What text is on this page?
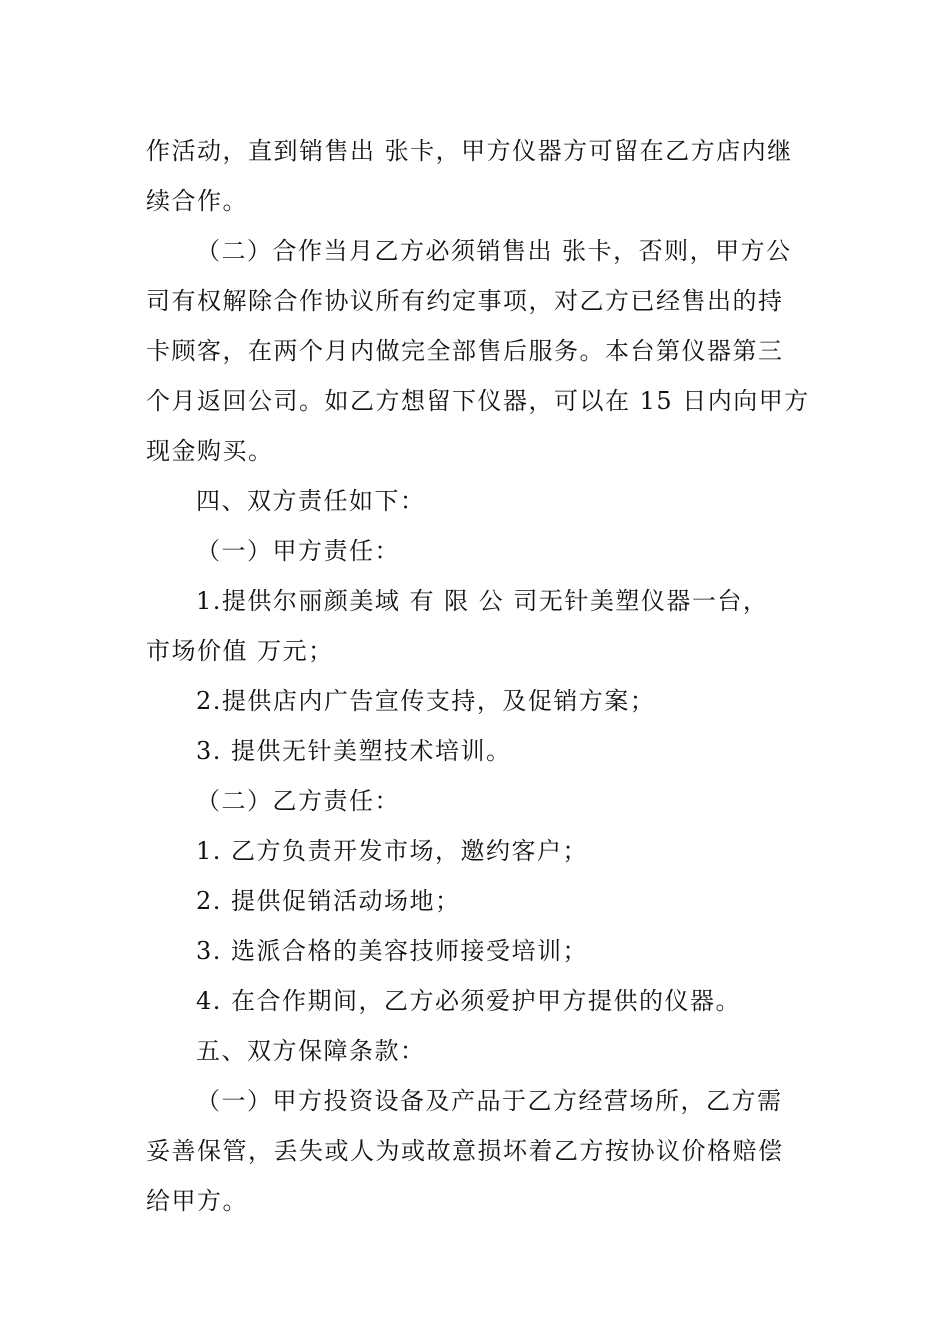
作活动，直到销售出 张卡，甲方仪器方可留在乙方店内继
续合作。
（二）合作当月乙方必须销售出 张卡，否则，甲方公
司有权解除合作协议所有约定事项，对乙方已经售出的持
卡顾客，在两个月内做完全部售后服务。本台第仪器第三
个月返回公司。如乙方想留下仪器，可以在 15 日内向甲方
现金购买。
四、双方责任如下：
（一）甲方责任：
1.提供尔丽颜美域 有 限 公 司无针美塑仪器一台，
市场价值 万元；
2.提供店内广告宣传支持，及促销方案；
3. 提供无针美塑技术培训。
（二）乙方责任：
1. 乙方负责开发市场，邀约客户；
2. 提供促销活动场地；
3. 选派合格的美容技师接受培训；
4. 在合作期间，乙方必须爱护甲方提供的仪器。
五、双方保障条款：
（一）甲方投资设备及产品于乙方经营场所，乙方需
妥善保管，丢失或人为或故意损坏着乙方按协议价格赔偿
给甲方。
